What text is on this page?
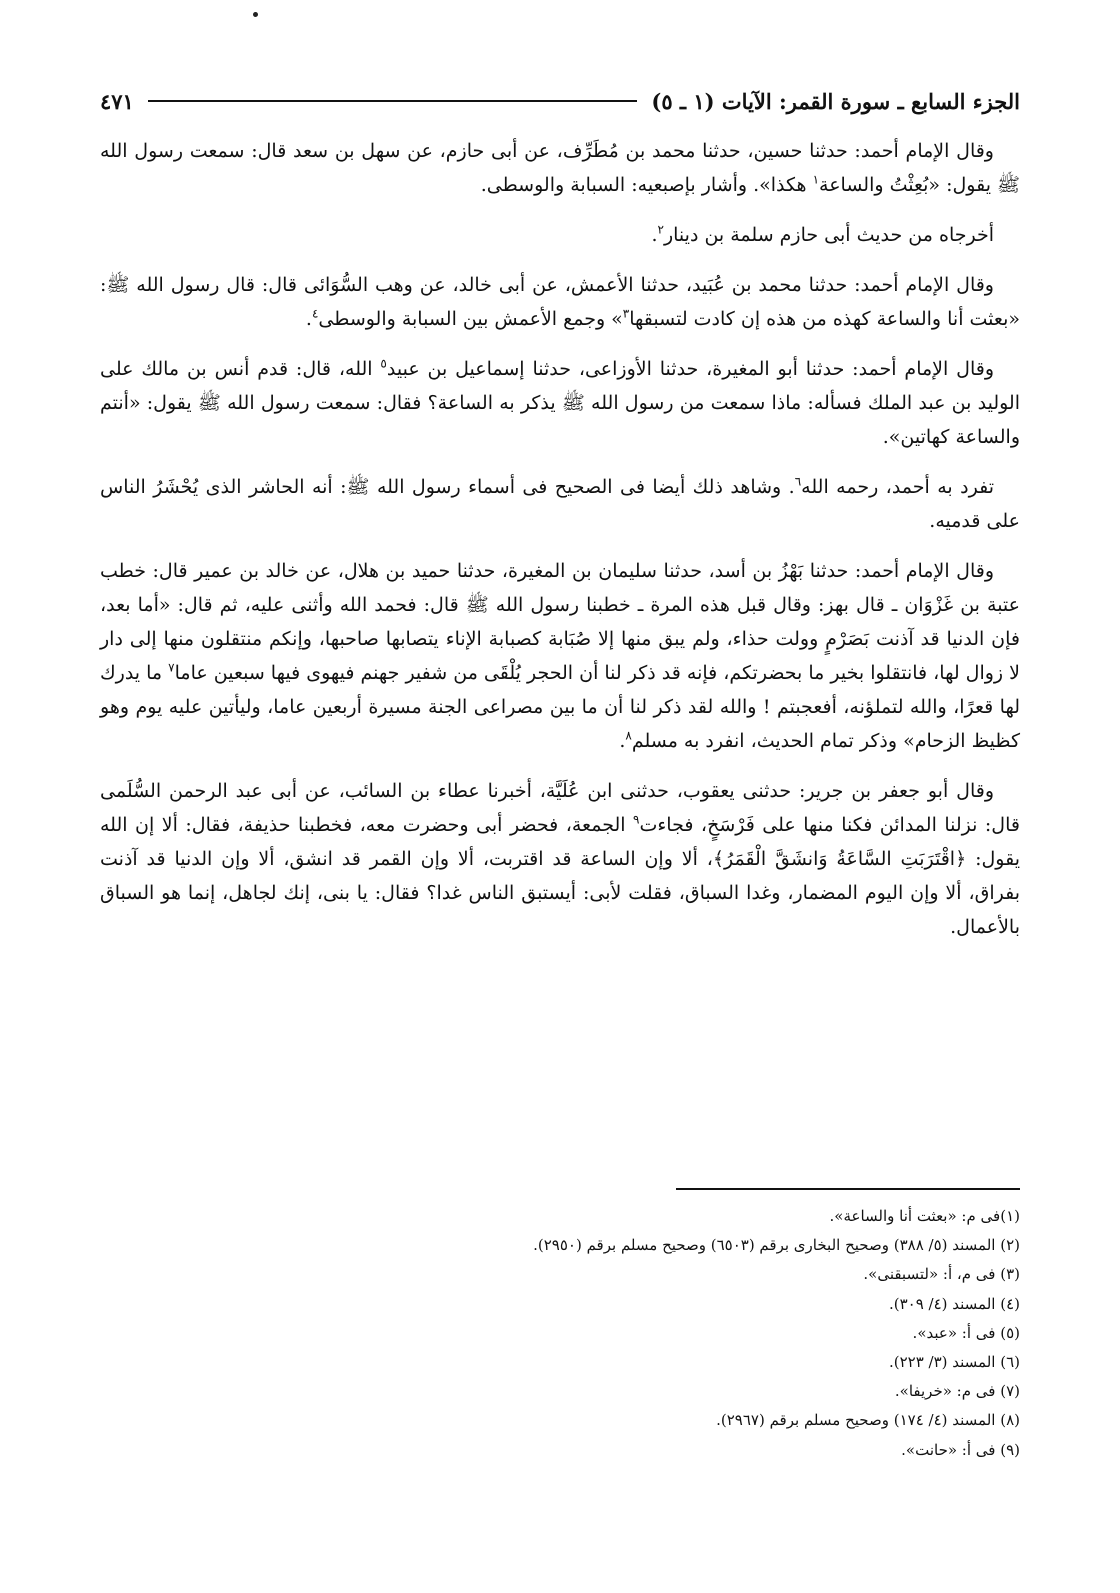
الجزء السابع ـ سورة القمر: الآيات (١ ـ ٥)
٤٧١

وقال الإمام أحمد: حدثنا حسين، حدثنا محمد بن مُطَرِّف، عن أبى حازم، عن سهل بن سعد قال: سمعت رسول الله ﷺ يقول: «بُعِثْتُ والساعة$^١$ هكذا». وأشار بإصبعيه: السبابة والوسطى.

أخرجاه من حديث أبى حازم سلمة بن دينار$^٢$.

وقال الإمام أحمد: حدثنا محمد بن عُبَيد، حدثنا الأعمش، عن أبى خالد، عن وهب السُّوَائى قال: قال رسول الله ﷺ: «بعثت أنا والساعة كهذه من هذه إن كادت لتسبقها$^٣$» وجمع الأعمش بين السبابة والوسطى$^٤$.

وقال الإمام أحمد: حدثنا أبو المغيرة، حدثنا الأوزاعى، حدثنا إسماعيل بن عبيد$^٥$ الله، قال: قدم أنس بن مالك على الوليد بن عبد الملك فسأله: ماذا سمعت من رسول الله ﷺ يذكر به الساعة؟ فقال: سمعت رسول الله ﷺ يقول: «أنتم والساعة كهاتين».

تفرد به أحمد، رحمه الله$^٦$. وشاهد ذلك أيضا فى الصحيح فى أسماء رسول الله ﷺ: أنه الحاشر الذى يُحْشَرُ الناس على قدميه.

وقال الإمام أحمد: حدثنا بَهْزُ بن أسد، حدثنا سليمان بن المغيرة، حدثنا حميد بن هلال، عن خالد بن عمير قال: خطب عتبة بن غَزْوَان ـ قال بهز: وقال قبل هذه المرة ـ خطبنا رسول الله ﷺ قال: فحمد الله وأثنى عليه، ثم قال: «أما بعد، فإن الدنيا قد آذنت بَصَرْمٍ وولت حذاء، ولم يبق منها إلا صُبَابة كصبابة الإناء يتصابها صاحبها، وإنكم منتقلون منها إلى دار لا زوال لها، فانتقلوا بخير ما بحضرتكم، فإنه قد ذكر لنا أن الحجر يُلْقَى من شفير جهنم فيهوى فيها سبعين عاما$^٧$ ما يدرك لها قعرًا، والله لتملؤنه، أفعجبتم ! والله لقد ذكر لنا أن ما بين مصراعى الجنة مسيرة أربعين عاما، وليأتين عليه يوم وهو كظيظ الزحام» وذكر تمام الحديث، انفرد به مسلم$^٨$.

وقال أبو جعفر بن جرير: حدثنى يعقوب، حدثنى ابن عُلَيَّة، أخبرنا عطاء بن السائب، عن أبى عبد الرحمن السُّلَمى قال: نزلنا المدائن فكنا منها على فَرْسَخٍ، فجاءت$^٩$ الجمعة، فحضر أبى وحضرت معه، فخطبنا حذيفة، فقال: ألا إن الله يقول: ﴿اقْتَرَبَتِ السَّاعَةُ وَانشَقَّ الْقَمَرُ﴾، ألا وإن الساعة قد اقتربت، ألا وإن القمر قد انشق، ألا وإن الدنيا قد آذنت بفراق، ألا وإن اليوم المضمار، وغدا السباق، فقلت لأبى: أيستبق الناس غدا؟ فقال: يا بنى، إنك لجاهل، إنما هو السباق بالأعمال.

(١)فى م: «بعثت أنا والساعة».

(٢) المسند (٥/ ٣٨٨) وصحيح البخارى برقم (٦٥٠٣) وصحيح مسلم برقم (٢٩٥٠).

(٣) فى م، أ: «لتسبقنى».

(٤) المسند (٤/ ٣٠٩).

(٥) فى أ: «عبد».

(٦) المسند (٣/ ٢٢٣).

(٧) فى م: «خريفا».

(٨) المسند (٤/ ١٧٤) وصحيح مسلم برقم (٢٩٦٧).

(٩) فى أ: «حانت».
